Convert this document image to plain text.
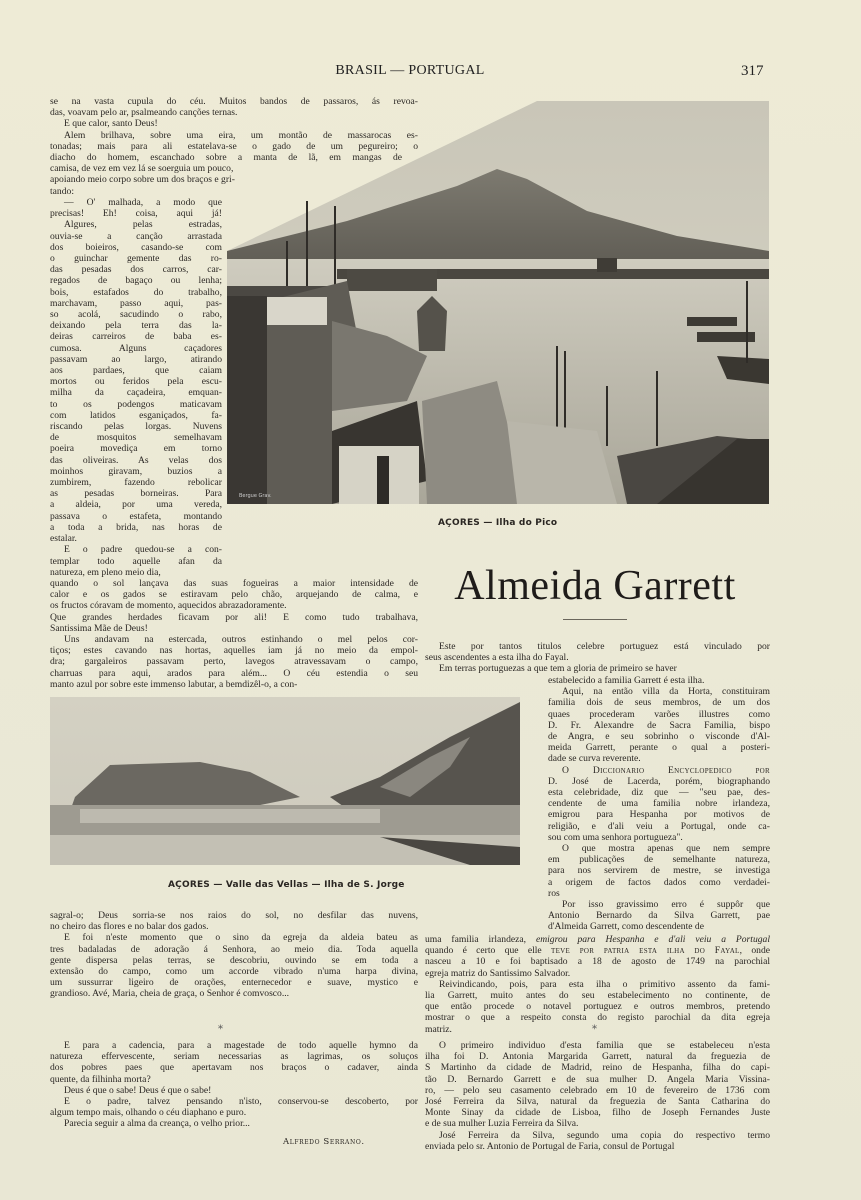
BRASIL — PORTUGAL	317
se na vasta cupula do céu. Muitos bandos de passaros, ás revoa-
das, voavam pelo ar, psalmeando canções ternas.
E que calor, santo Deus!
Alem brilhava, sobre uma eira, um montão de massarocas es-
tonadas; mais para ali estatelava-se o gado de um pegureiro; o
diacho do homem, escanchado sobre a manta de lã, em mangas de
camisa, de vez em vez lá se soerguia um pouco,
apoiando meio corpo sobre um dos braços e gri-
tando:
— O' malhada, a modo que
precisas! Eh! coisa, aqui já!
Algures, pelas estradas,
ouvia-se a canção arrastada
dos boieiros, casando-se com
o guinchar gemente das ro-
das pesadas dos carros, car-
regados de bagaço ou lenha;
bois, estafados do trabalho,
marchavam, passo aqui, pas-
so acolá, sacudindo o rabo,
deixando pela terra das la-
deiras carreiros de baba es-
cumosa. Alguns caçadores
passavam ao largo, atirando
aos pardaes, que caiam
mortos ou feridos pela escu-
milha da caçadeira, emquan-
to os podengos maticavam
com latidos esganiçados, fa-
riscando pelas lorgas. Nuvens
de mosquitos semelhavam
poeira movediça em torno
das oliveiras. As velas dos
moinhos giravam, buzios a
zumbirem, fazendo rebolicar
as pesadas borneiras. Para
a aldeia, por uma vereda,
passava o estafeta, montando
a toda a brida, nas horas de
estalar.
E o padre quedou-se a con-
templar todo aquelle afan da
natureza, em pleno meio dia,
quando o sol lançava das suas fogueiras a maior intensidade de
calor e os gados se estiravam pelo chão, arquejando de calma, e
os fructos córavam de momento, aquecidos abrazadoramente.
Que grandes herdades ficavam por ali! E como tudo trabalhava,
Santissima Mãe de Deus!
Uns andavam na estercada, outros estinhando o mel pelos cor-
tiços; estes cavando nas hortas, aquelles iam já no meio da empol-
dra; gargaleiros passavam perto, lavegos atravessavam o campo,
charruas para aqui, arados para além... O céu estendia o seu
manto azul por sobre este immenso labutar, a bemdizêl-o, a con-
Bergue Grav.
AÇORES — Ilha do Pico
Almeida Garrett
Este por tantos titulos celebre portuguez está vinculado por
seus ascendentes a esta ilha do Fayal.
Em terras portuguezas a que tem a gloria de primeiro se haver
estabelecido a familia Garrett é esta ilha.
Aqui, na então villa da Horta, constituiram
familia dois de seus membros, de um dos
quaes procederam varões illustres como
D. Fr. Alexandre de Sacra Familia, bispo
de Angra, e seu sobrinho o visconde d'Al-
meida Garrett, perante o qual a posteri-
dade se curva reverente.
O Diccionario Encyclopedico por
D. José de Lacerda, porém, biographando
esta celebridade, diz que — "seu pae, des-
cendente de uma familia nobre irlandeza,
emigrou para Hespanha por motivos de
religião, e d'ali veiu a Portugal, onde ca-
sou com uma senhora portugueza".
O que mostra apenas que nem sempre
em publicações de semelhante natureza,
para nos servirem de mestre, se investiga
a origem de factos dados como verdadei-
ros
Por isso gravissimo erro é suppôr que
Antonio Bernardo da Silva Garrett, pae
d'Almeida Garrett, como descendente de
uma familia irlandeza, emigrou para Hespanha e d'ali veiu a Portugal
quando é certo que elle teve por patria esta ilha do Fayal, onde
nasceu a 10 e foi baptisado a 18 de agosto de 1749 na parochial
egreja matriz do Santissimo Salvador.
Reivindicando, pois, para esta ilha o primitivo assento da fami-
lia Garrett, muito antes do seu estabelecimento no continente, de
que então procede o notavel portuguez e outros membros, pretendo
mostrar o que a respeito consta do registo parochial da dita egreja
matriz.	*
O primeiro individuo d'esta familia que se estabeleceu n'esta
ilha foi D. Antonia Margarida Garrett, natural da freguezia de
S Martinho da cidade de Madrid, reino de Hespanha, filha do capi-
tão D. Bernardo Garrett e de sua mulher D. Angela Maria Vissina-
ro, — pelo seu casamento celebrado em 10 de fevereiro de 1736 com
José Ferreira da Silva, natural da freguezia de Santa Catharina do
Monte Sinay da cidade de Lisboa, filho de Joseph Fernandes Juste
e de sua mulher Luzia Ferreira da Silva.
José Ferreira da Silva, segundo uma copia do respectivo termo
enviada pelo sr. Antonio de Portugal de Faria, consul de Portugal
AÇORES — Valle das Vellas — Ilha de S. Jorge
sagral-o; Deus sorria-se nos raios do sol, no desfilar das nuvens,
no cheiro das flores e no balar dos gados.
E foi n'este momento que o sino da egreja da aldeia bateu as
tres badaladas de adoração á Senhora, ao meio dia. Toda aquella
gente dispersa pelas terras, se descobriu, ouvindo se em toda a
extensão do campo, como um accorde vibrado n'uma harpa divina,
um sussurrar ligeiro de orações, enternecedor e suave, mystico e
grandioso. Avé, Maria, cheia de graça, o Senhor é comvosco...
*
E para a cadencia, para a magestade de todo aquelle hymno da
natureza effervescente, seriam necessarias as lagrimas, os soluços
dos pobres paes que apertavam nos braços o cadaver, ainda
quente, da filhinha morta?
Deus é que o sabe! Deus é que o sabe!
E o padre, talvez pensando n'isto, conservou-se descoberto, por
algum tempo mais, olhando o céu diaphano e puro.
Parecia seguir a alma da creança, o velho prior...
Alfredo Serrano.
